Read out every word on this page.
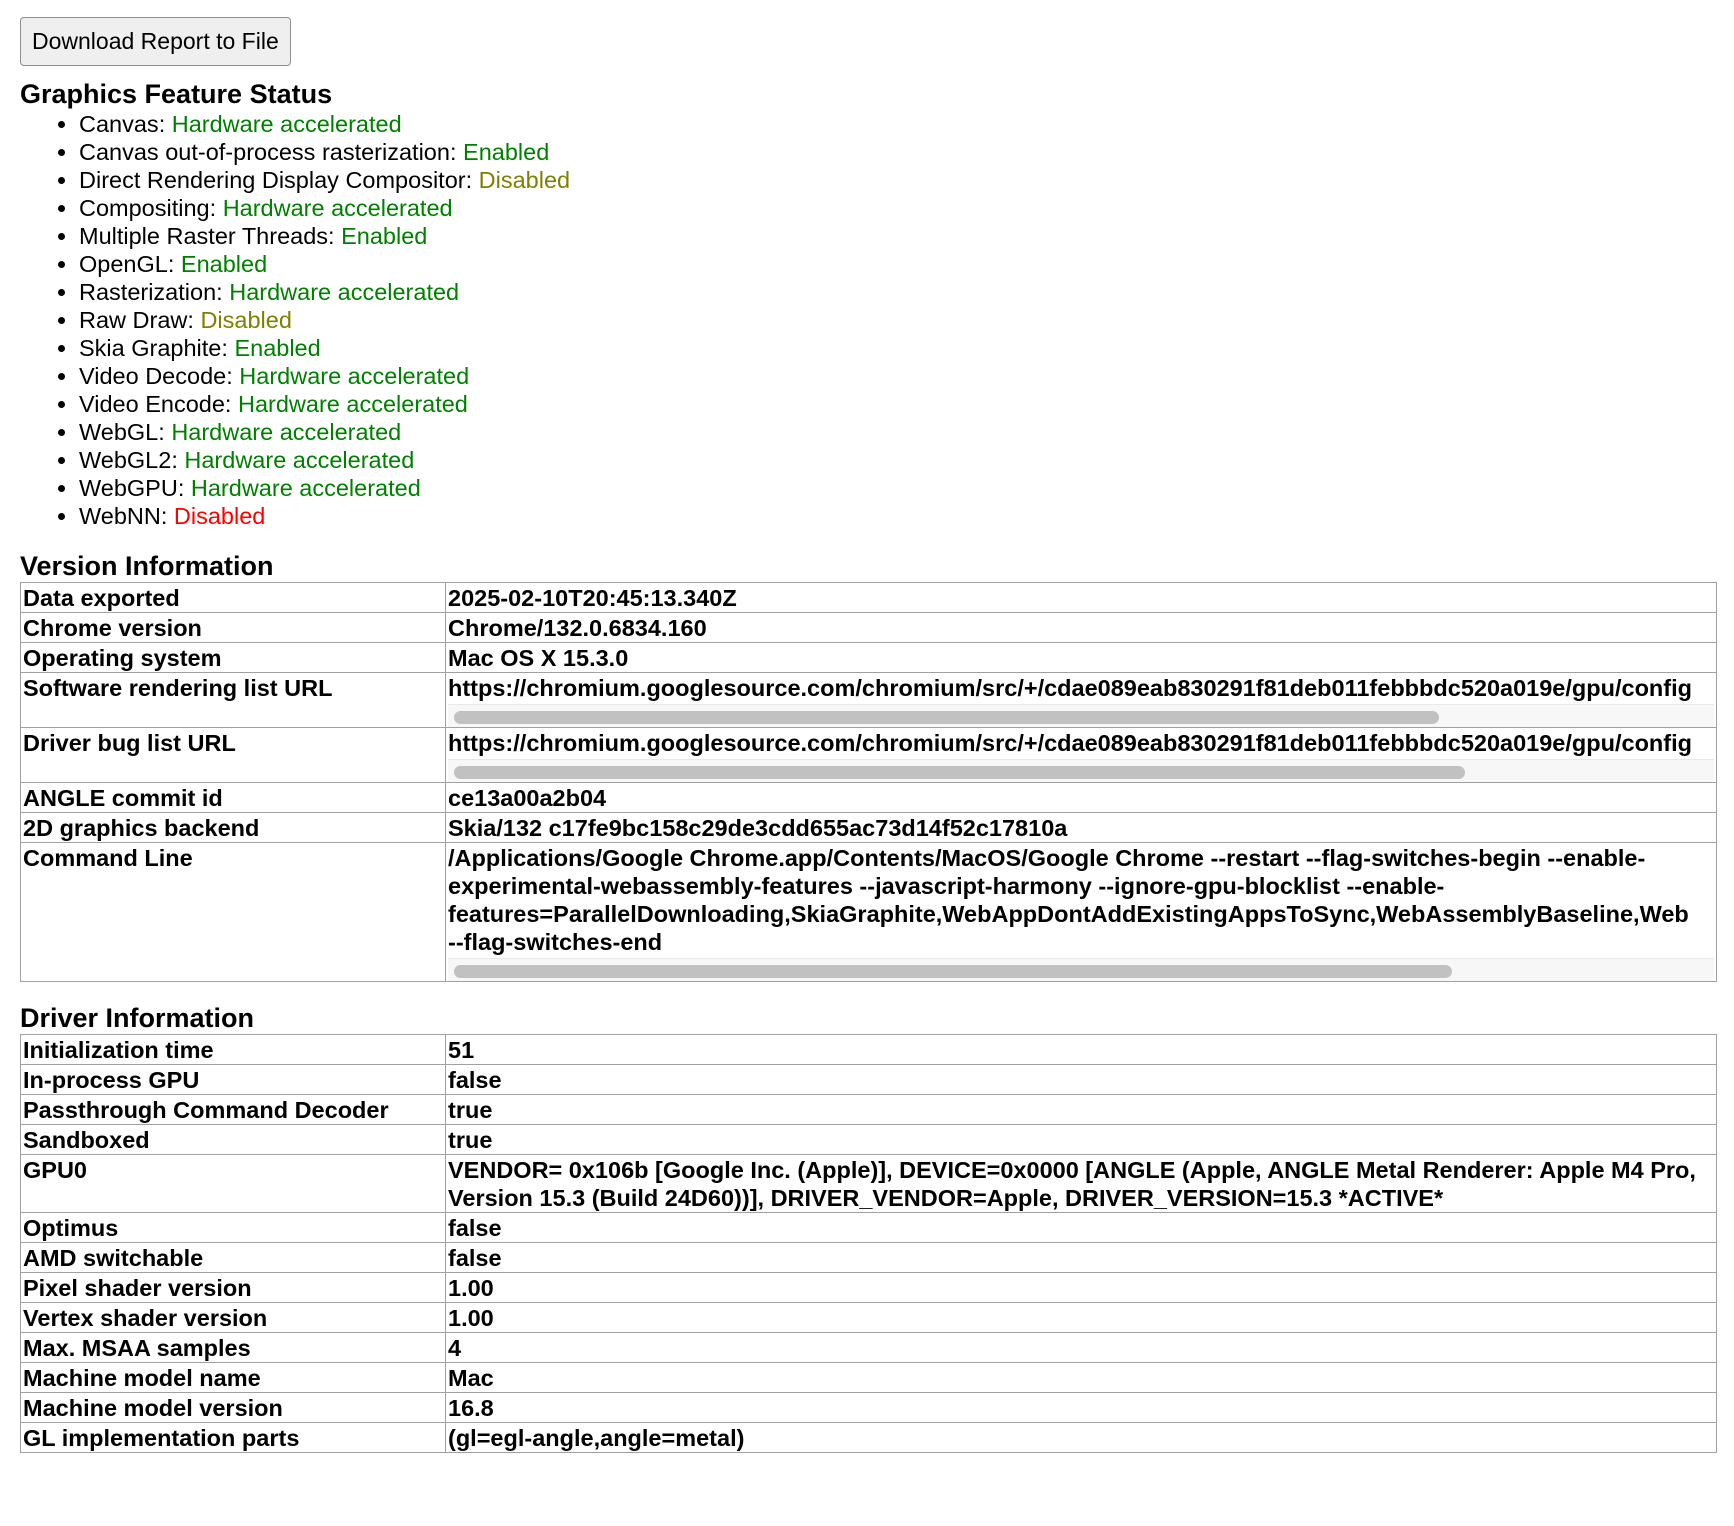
Download Report to File
Graphics Feature Status
• Canvas: Hardware accelerated
• Canvas out-of-process rasterization: Enabled
• Direct Rendering Display Compositor: Disabled
• Compositing: Hardware accelerated
• Multiple Raster Threads: Enabled
• OpenGL: Enabled
• Rasterization: Hardware accelerated
• Raw Draw: Disabled
• Skia Graphite: Enabled
• Video Decode: Hardware accelerated
• Video Encode: Hardware accelerated
• WebGL: Hardware accelerated
• WebGL2: Hardware accelerated
• WebGPU: Hardware accelerated
• WebNN: Disabled
Version Information
Data exported	2025-02-10T20:45:13.340Z
Chrome version	Chrome/132.0.6834.160
Operating system	Mac OS X 15.3.0
Software rendering list URL	https://chromium.googlesource.com/chromium/src/+/cdae089eab830291f81deb011febbbdc520a019e/gpu/config

Driver bug list URL	https://chromium.googlesource.com/chromium/src/+/cdae089eab830291f81deb011febbbdc520a019e/gpu/config

ANGLE commit id	ce13a00a2b04
2D graphics backend	Skia/132 c17fe9bc158c29de3cdd655ac73d14f52c17810a
Command Line	/Applications/Google Chrome.app/Contents/MacOS/Google Chrome --restart --flag-switches-begin --enable-
experimental-webassembly-features --javascript-harmony --ignore-gpu-blocklist --enable-
features=ParallelDownloading,SkiaGraphite,WebAppDontAddExistingAppsToSync,WebAssemblyBaseline,Web
--flag-switches-end
Driver Information
Initialization time	51
In-process GPU	false
Passthrough Command Decoder	true
Sandboxed	true
GPU0	VENDOR= 0x106b [Google Inc. (Apple)], DEVICE=0x0000 [ANGLE (Apple, ANGLE Metal Renderer: Apple M4 Pro, Version 15.3 (Build 24D60))], DRIVER_VENDOR=Apple, DRIVER_VERSION=15.3 *ACTIVE*
Optimus	false
AMD switchable	false
Pixel shader version	1.00
Vertex shader version	1.00
Max. MSAA samples	4
Machine model name	Mac
Machine model version	16.8
GL implementation parts	(gl=egl-angle,angle=metal)
